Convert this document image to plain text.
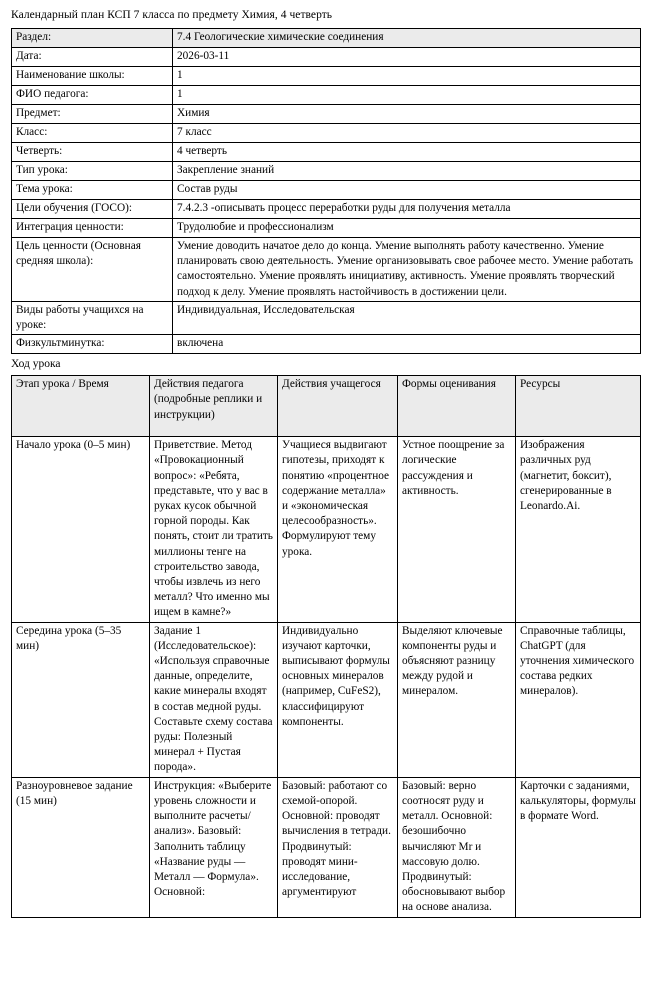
Календарный план КСП 7 класса по предмету Химия, 4 четверть
Раздел:	7.4 Геологические химические соединения
Дата:	2026-03-11
Наименование школы:	1
ФИО педагога:	1
Предмет:	Химия
Класс:	7 класс
Четверть:	4 четверть
Тип урока:	Закрепление знаний
Тема урока:	Состав руды
Цели обучения (ГОСО):	7.4.2.3 -описывать процесс переработки руды для получения металла
Интеграция ценности:	Трудолюбие и профессионализм
Цель ценности (Основная средняя школа):	Умение доводить начатое дело до конца. Умение выполнять работу качественно. Умение планировать свою деятельность. Умение организовывать свое рабочее место. Умение работать самостоятельно. Умение проявлять инициативу, активность. Умение проявлять творческий подход к делу. Умение проявлять настойчивость в достижении цели.
Виды работы учащихся на уроке:	Индивидуальная, Исследовательская
Физкультминутка:	включена
Ход урока
Этап урока / Время	Действия педагога (подробные реплики и инструкции)	Действия учащегося	Формы оценивания	Ресурсы
Начало урока (0–5 мин)	Приветствие. Метод «Провокационный вопрос»: «Ребята, представьте, что у вас в руках кусок обычной горной породы. Как понять, стоит ли тратить миллионы тенге на строительство завода, чтобы извлечь из него металл? Что именно мы ищем в камне?»	Учащиеся выдвигают гипотезы, приходят к понятию «процентное содержание металла» и «экономическая целесообразность». Формулируют тему урока.	Устное поощрение за логические рассуждения и активность.	Изображения различных руд (магнетит, боксит), сгенерированные в Leonardo.Ai.
Середина урока (5–35 мин)	Задание 1 (Исследовательское): «Используя справочные данные, определите, какие минералы входят в состав медной руды. Составьте схему состава руды: Полезный минерал + Пустая порода».	Индивидуально изучают карточки, выписывают формулы основных минералов (например, CuFeS2), классифицируют компоненты.	Выделяют ключевые компоненты руды и объясняют разницу между рудой и минералом.	Справочные таблицы, ChatGPT (для уточнения химического состава редких минералов).
Разноуровневое задание (15 мин)	Инструкция: «Выберите уровень сложности и выполните расчеты/анализ». Базовый: Заполнить таблицу «Название руды — Металл — Формула». Основной:	Базовый: работают со схемой-опорой. Основной: проводят вычисления в тетради. Продвинутый: проводят мини-исследование, аргументируют	Базовый: верно соотносят руду и металл. Основной: безошибочно вычисляют Mr и массовую долю. Продвинутый: обосновывают выбор на основе анализа.	Карточки с заданиями, калькуляторы, формулы в формате Word.
